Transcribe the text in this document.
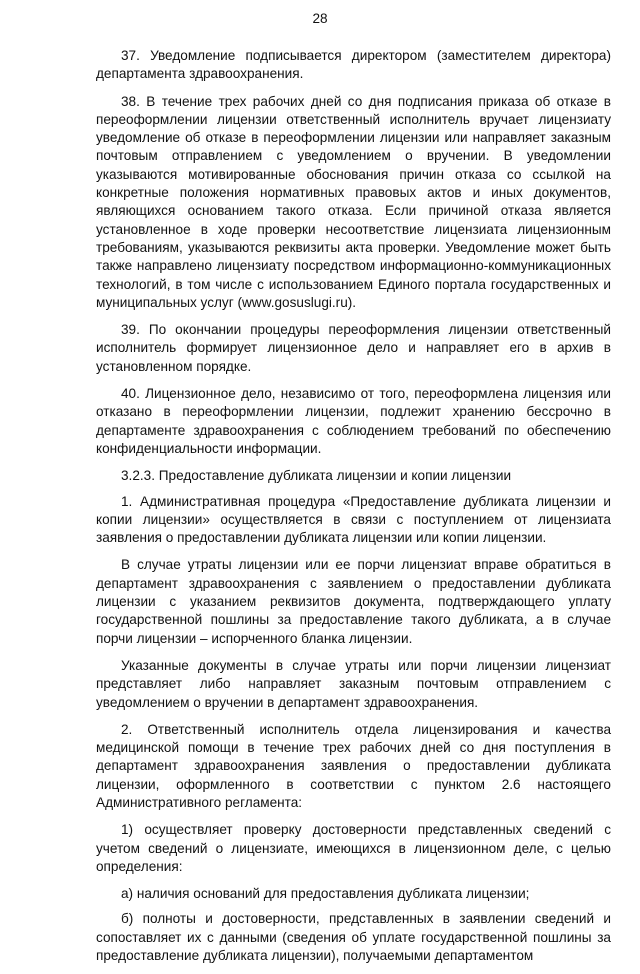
28

37. Уведомление подписывается директором (заместителем директора) департамента здравоохранения.

38. В течение трех рабочих дней со дня подписания приказа об отказе в переоформлении лицензии ответственный исполнитель вручает лицензиату уведомление об отказе в переоформлении лицензии или направляет заказным почтовым отправлением с уведомлением о вручении. В уведомлении указываются мотивированные обоснования причин отказа со ссылкой на конкретные положения нормативных правовых актов и иных документов, являющихся основанием такого отказа. Если причиной отказа является установленное в ходе проверки несоответствие лицензиата лицензионным требованиям, указываются реквизиты акта проверки. Уведомление может быть также направлено лицензиату посредством информационно-коммуникационных технологий, в том числе с использованием Единого портала государственных и муниципальных услуг (www.gosuslugi.ru).

39. По окончании процедуры переоформления лицензии ответственный исполнитель формирует лицензионное дело и направляет его в архив в установленном порядке.

40. Лицензионное дело, независимо от того, переоформлена лицензия или отказано в переоформлении лицензии, подлежит хранению бессрочно в департаменте здравоохранения с соблюдением требований по обеспечению конфиденциальности информации.

3.2.3. Предоставление дубликата лицензии и копии лицензии

1. Административная процедура «Предоставление дубликата лицензии и копии лицензии» осуществляется в связи с поступлением от лицензиата заявления о предоставлении дубликата лицензии или копии лицензии.

В случае утраты лицензии или ее порчи лицензиат вправе обратиться в департамент здравоохранения с заявлением о предоставлении дубликата лицензии с указанием реквизитов документа, подтверждающего уплату государственной пошлины за предоставление такого дубликата, а в случае порчи лицензии – испорченного бланка лицензии.

Указанные документы в случае утраты или порчи лицензии лицензиат представляет либо направляет заказным почтовым отправлением с уведомлением о вручении в департамент здравоохранения.

2. Ответственный исполнитель отдела лицензирования и качества медицинской помощи в течение трех рабочих дней со дня поступления в департамент здравоохранения заявления о предоставлении дубликата лицензии, оформленного в соответствии с пунктом 2.6 настоящего Административного регламента:

1) осуществляет проверку достоверности представленных сведений с учетом сведений о лицензиате, имеющихся в лицензионном деле, с целью определения:

а) наличия оснований для предоставления дубликата лицензии;

б) полноты и достоверности, представленных в заявлении сведений и сопоставляет их с данными (сведения об уплате государственной пошлины за предоставление дубликата лицензии), получаемыми департаментом
